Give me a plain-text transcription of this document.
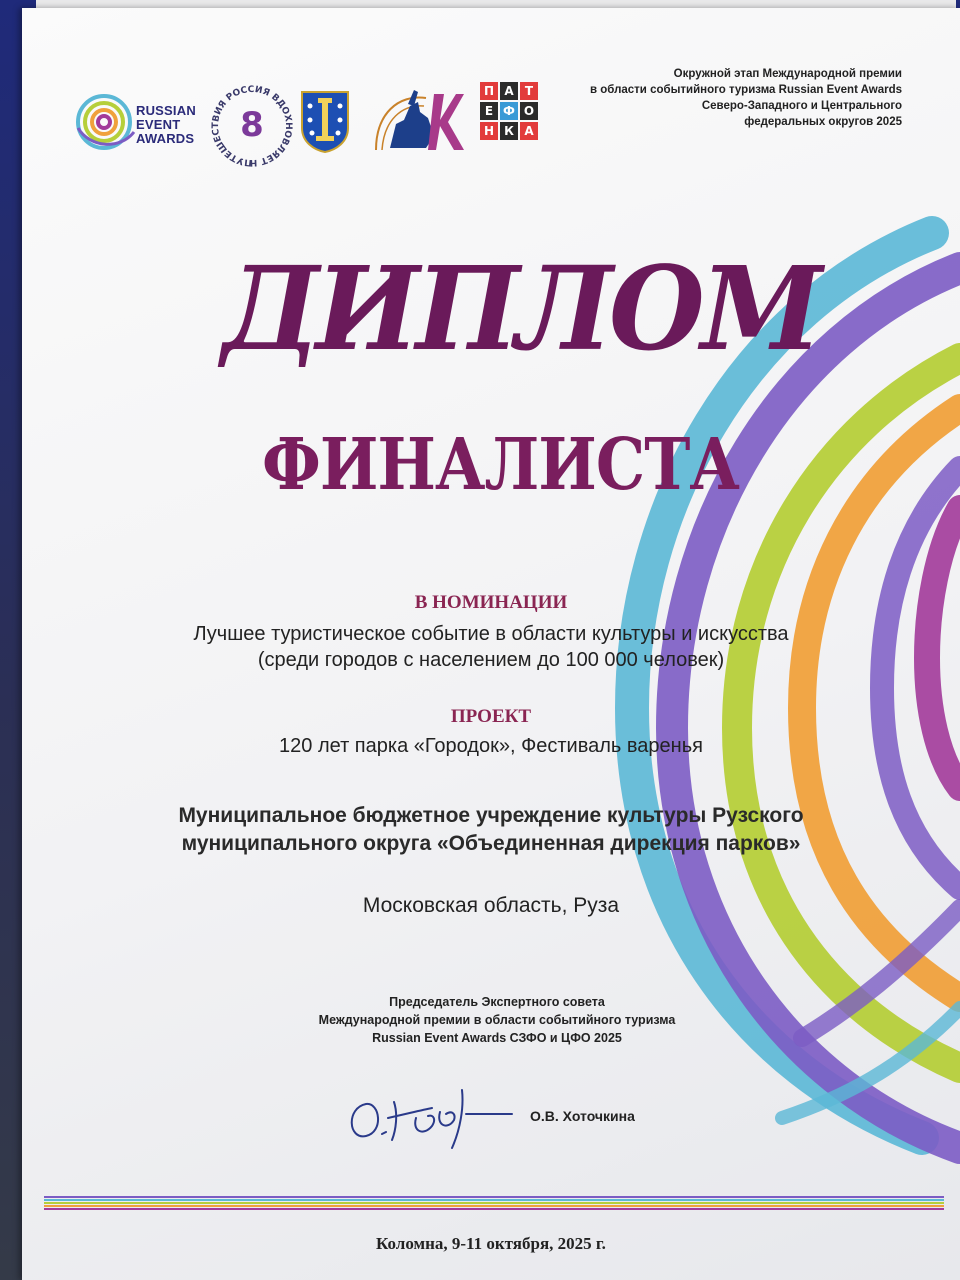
RUSSIAN
EVENT
AWARDS
ПУТЕШЕСТВИЯ РОССИЯ ВДОХНОВЛЯЕТ Н
8
П А Т
Е Ф О
Н К А
Окружной этап Международной премии
в области событийного туризма Russian Event Awards
Северо-Западного и Центрального
федеральных округов 2025
ДИПЛОМ
ФИНАЛИСТА
В НОМИНАЦИИ
Лучшее туристическое событие в области культуры и искусства
(среди городов с населением до 100 000 человек)
ПРОЕКТ
120 лет парка «Городок», Фестиваль варенья
Муниципальное бюджетное учреждение культуры Рузского
муниципального округа «Объединенная дирекция парков»
Московская область, Руза
Председатель Экспертного совета
Международной премии в области событийного туризма
Russian Event Awards СЗФО и ЦФО 2025
О.В. Хоточкина
Коломна, 9-11 октября, 2025 г.
